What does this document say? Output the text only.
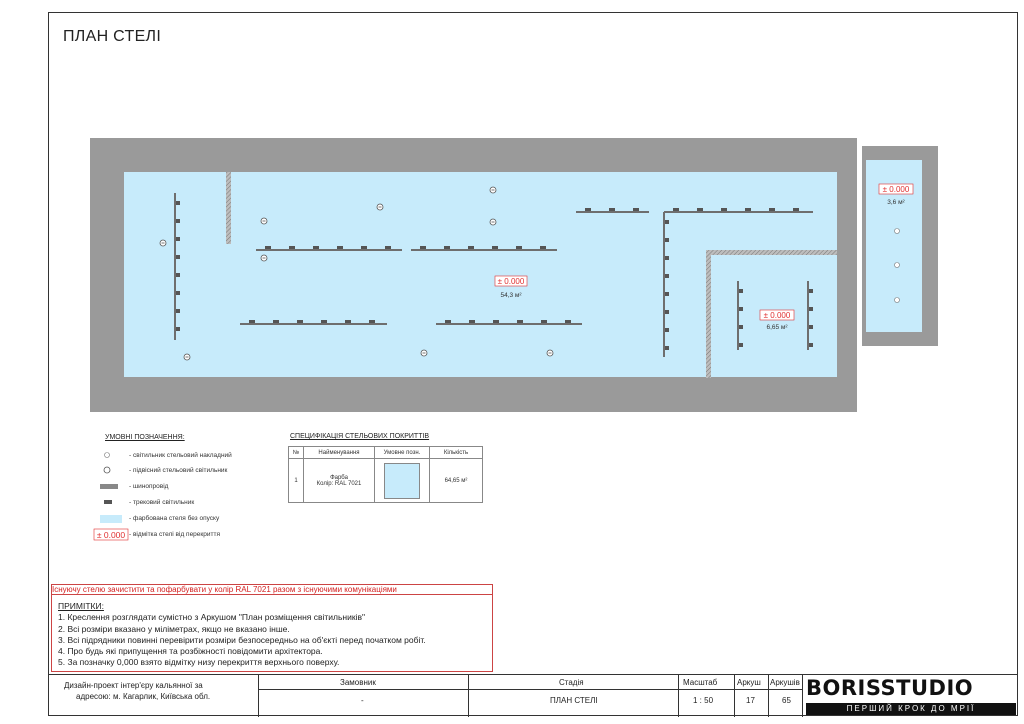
ПЛАН СТЕЛІ
± 0.000
54,3 м²
± 0.000
3,6 м²
± 0.000
6,65 м²
± 0.000
УМОВНІ ПОЗНАЧЕННЯ:
- світильник стельовий накладний
- підвісний стельовий світильник
- шинопровід
- трековий світильник
- фарбована стеля без опуску
- відмітка стелі від перекриття
СПЕЦИФІКАЦІЯ СТЕЛЬОВИХ ПОКРИТТІВ
№	Найменування	Умовне позн.	Кількість
1	Фарба
Колір: RAL 7021		64,65 м²
Існуючу стелю зачистити та пофарбувати у колір RAL 7021 разом з існуючими комунікаціями
ПРИМІТКИ:
1. Креслення розглядати сумістно з Аркушом "План розміщення світильників"
2. Всі розміри вказано у міліметрах, якщо не вказано інше.
3. Всі підрядники повинні перевірити розміри безпосередньо на об'єкті перед початком робіт.
4. Про будь які припущення та розбіжності повідомити архітектора.
5. За позначку 0,000 взято відмітку низу перекриття верхнього поверху.
Дизайн-проект інтер'єру кальянної за
адресою: м. Кагарлик, Київська обл.
Замовник
-
Стадія
ПЛАН СТЕЛІ
Масштаб
1 : 50
Аркуш
17
Аркушів
65
BORISSTUDIO
ПЕРШИЙ КРОК ДО МРІЇ
